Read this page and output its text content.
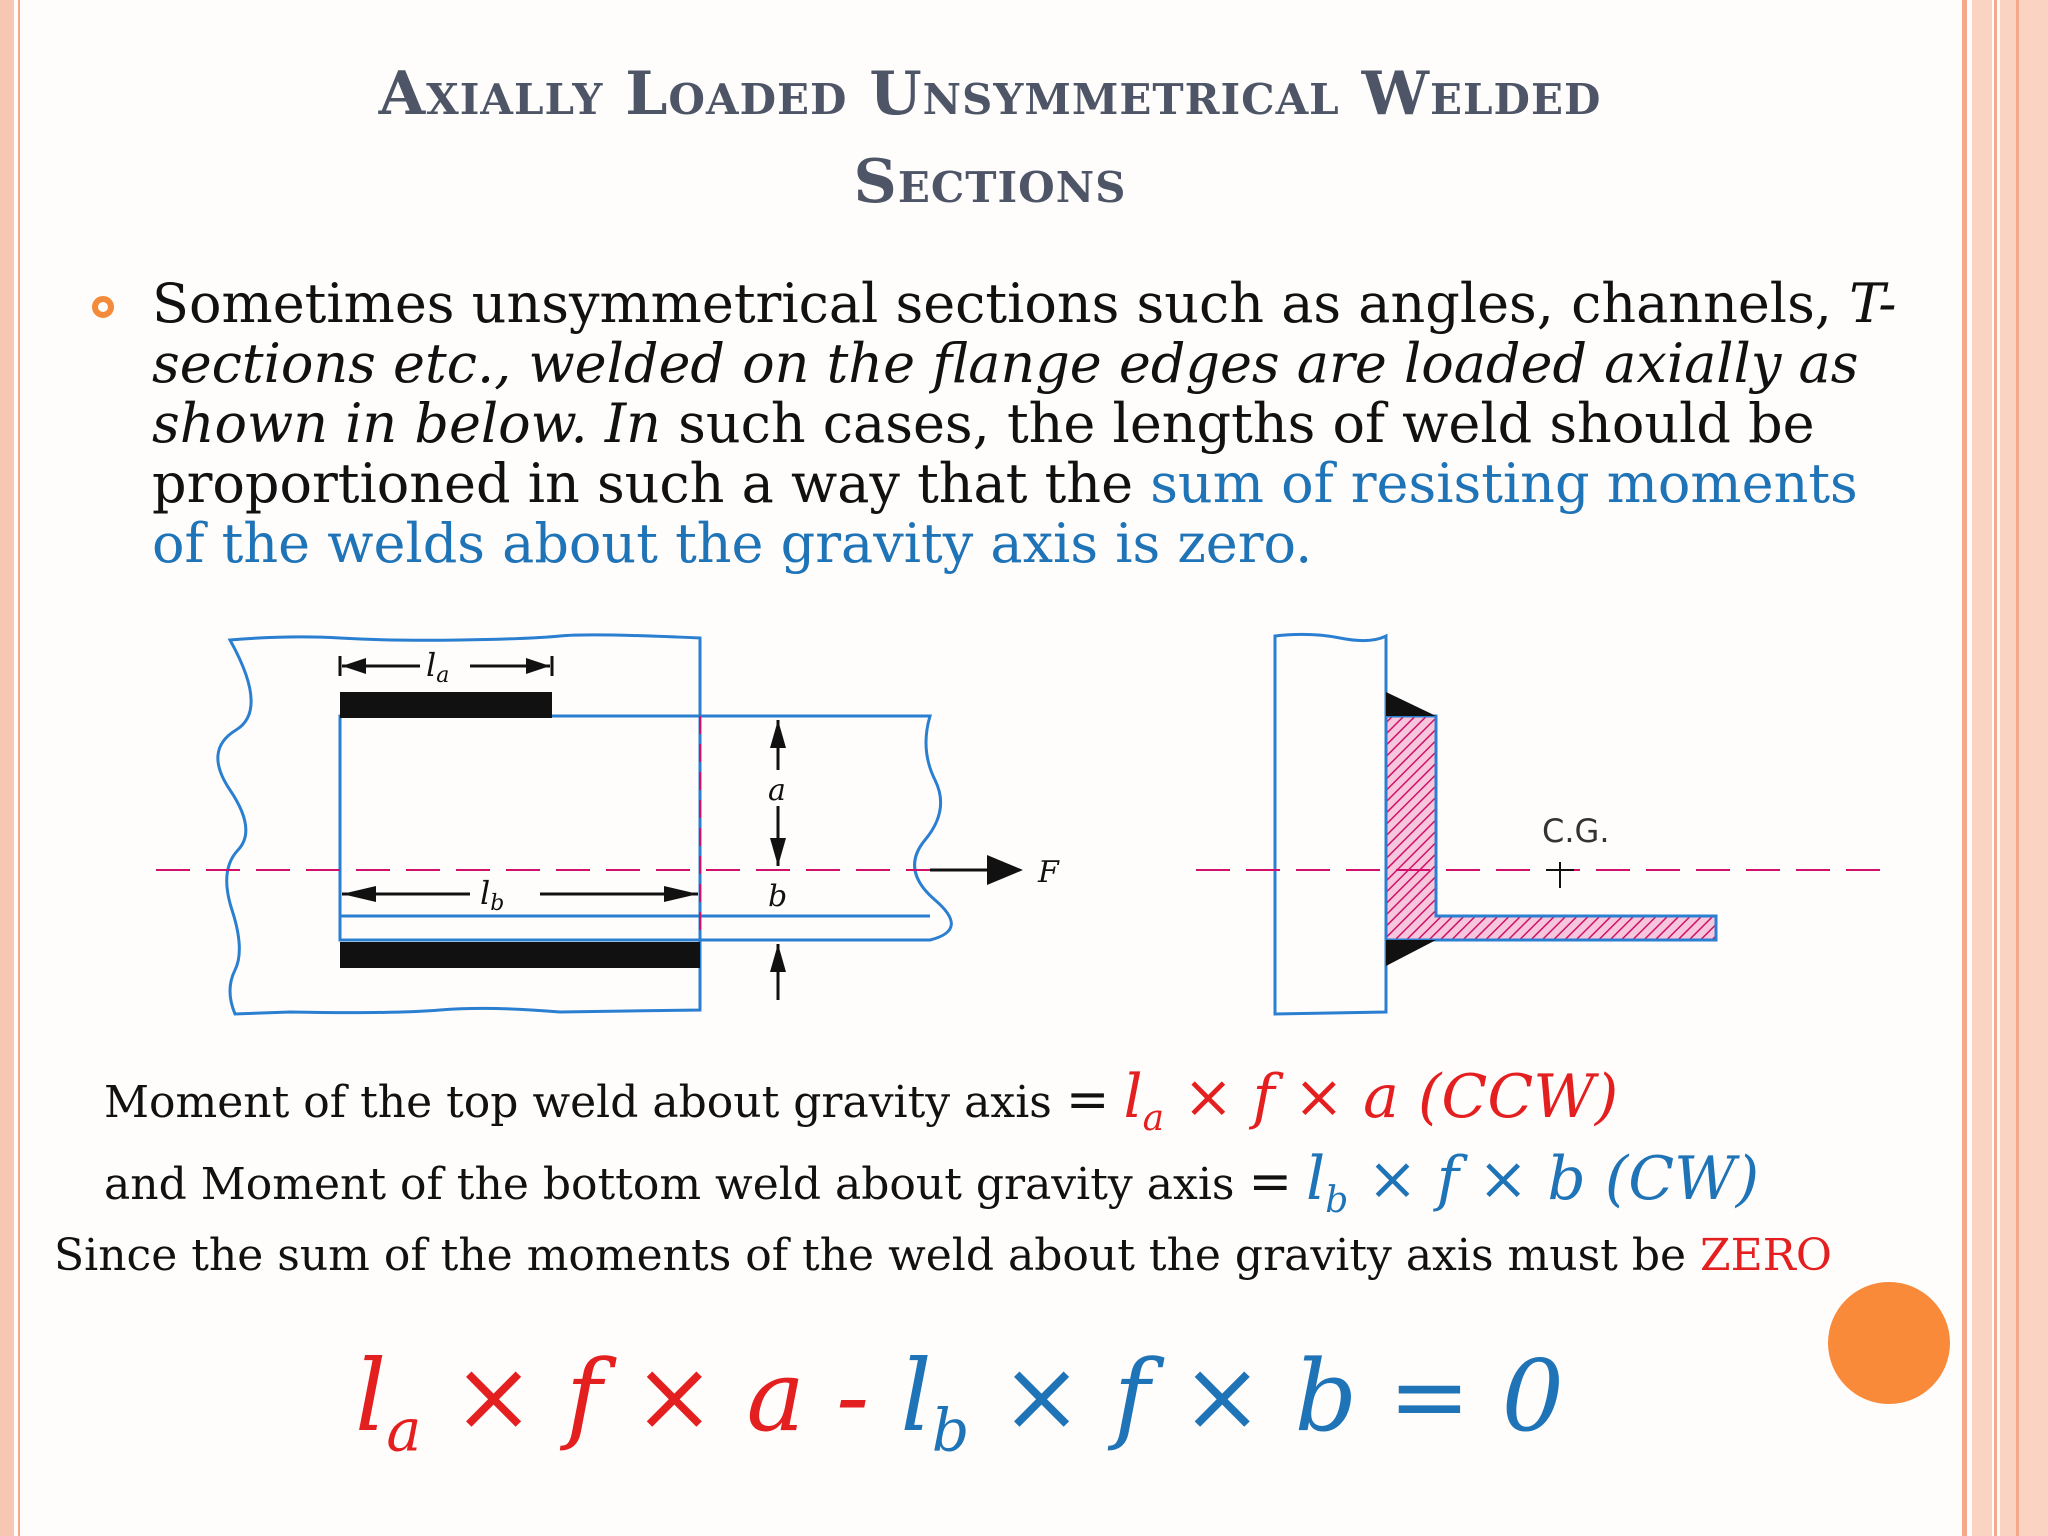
Axially Loaded Unsymmetrical Welded
Sections
Sometimes unsymmetrical sections such as angles, channels, T-sections etc., welded on the flange edges are loaded axially as shown in below. In such cases, the lengths of weld should be proportioned in such a way that the sum of resisting moments of the welds about the gravity axis is zero.
F
la
lb
a
b
C.G.
Moment of the top weld about gravity axis = $l_a \times f \times a$ (CCW)
and Moment of the bottom weld about gravity axis = $l_b \times f \times b$ (CW)
Since the sum of the moments of the weld about the gravity axis must be ZERO
$l_a \times f \times a - l_b \times f \times b = 0$
